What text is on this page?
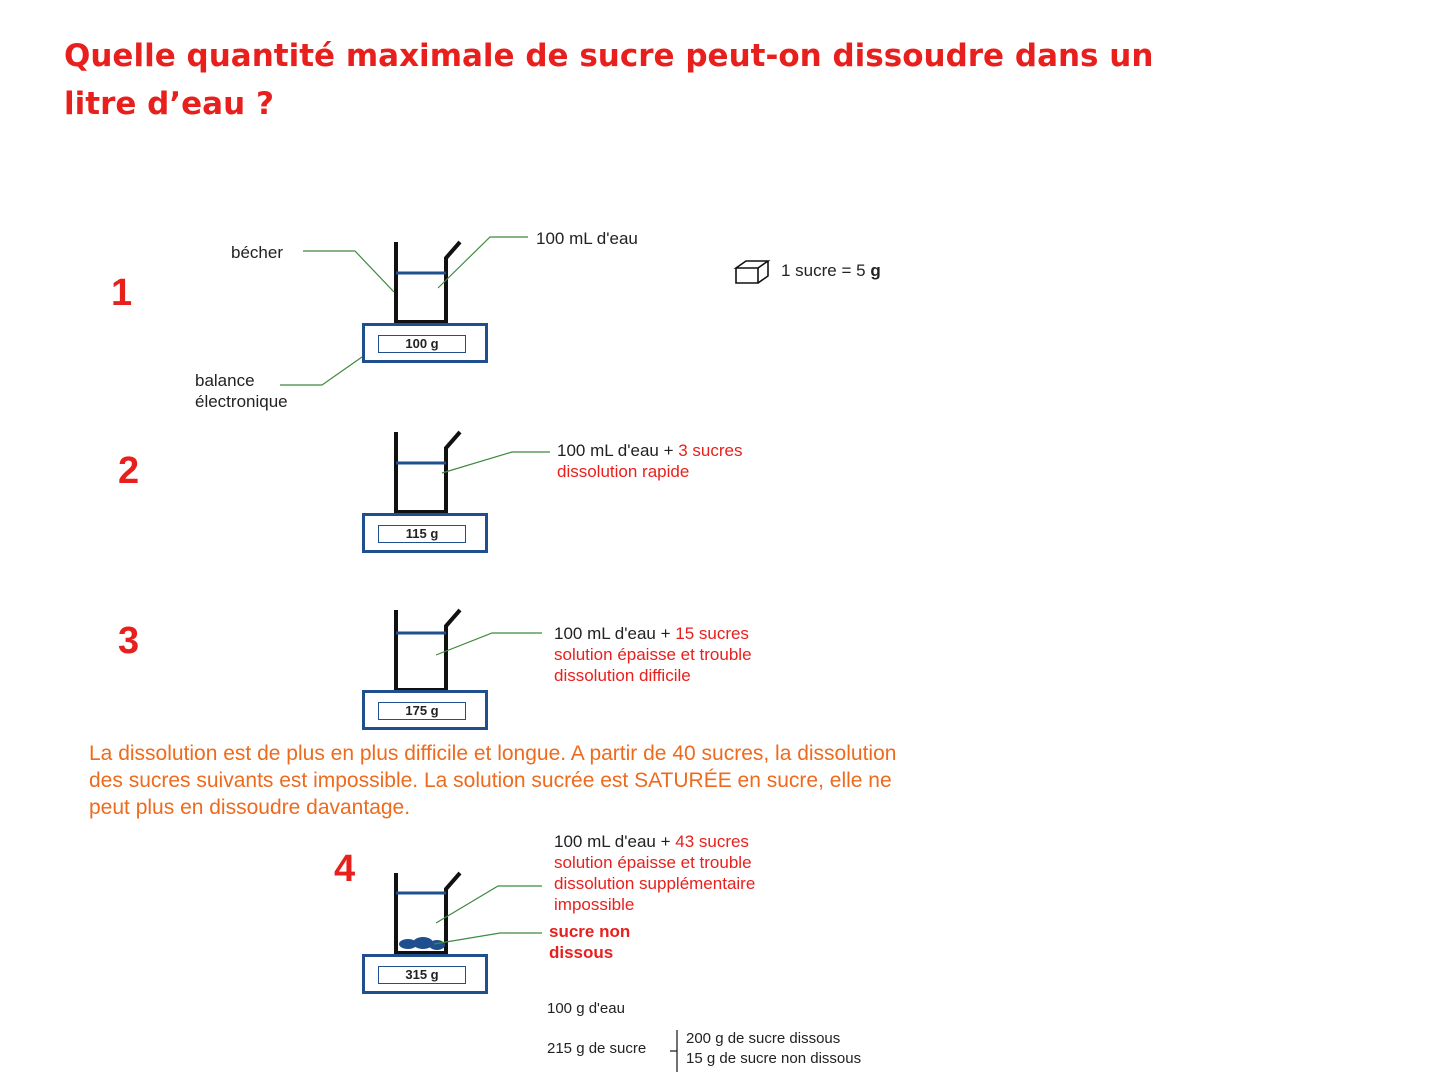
Quelle quantité maximale de sucre peut-on dissoudre dans un litre d’eau ?
1
2
3
4
100 g
115 g
175 g
315 g
bécher
balance
électronique
100 mL d'eau
1 sucre = 5 g
100 mL d'eau + 3 sucres
dissolution rapide
100 mL d'eau + 15 sucres
solution épaisse et trouble
dissolution difficile
La dissolution est de plus en plus difficile et longue. A partir de 40 sucres, la dissolution des sucres suivants est impossible. La solution sucrée est SATURÉE en sucre, elle ne peut plus en dissoudre davantage.
100 mL d'eau + 43 sucres
solution épaisse et trouble
dissolution supplémentaire
impossible
sucre non
dissous
100 g d'eau
215 g de sucre
200 g de sucre dissous
15 g de sucre non dissous
